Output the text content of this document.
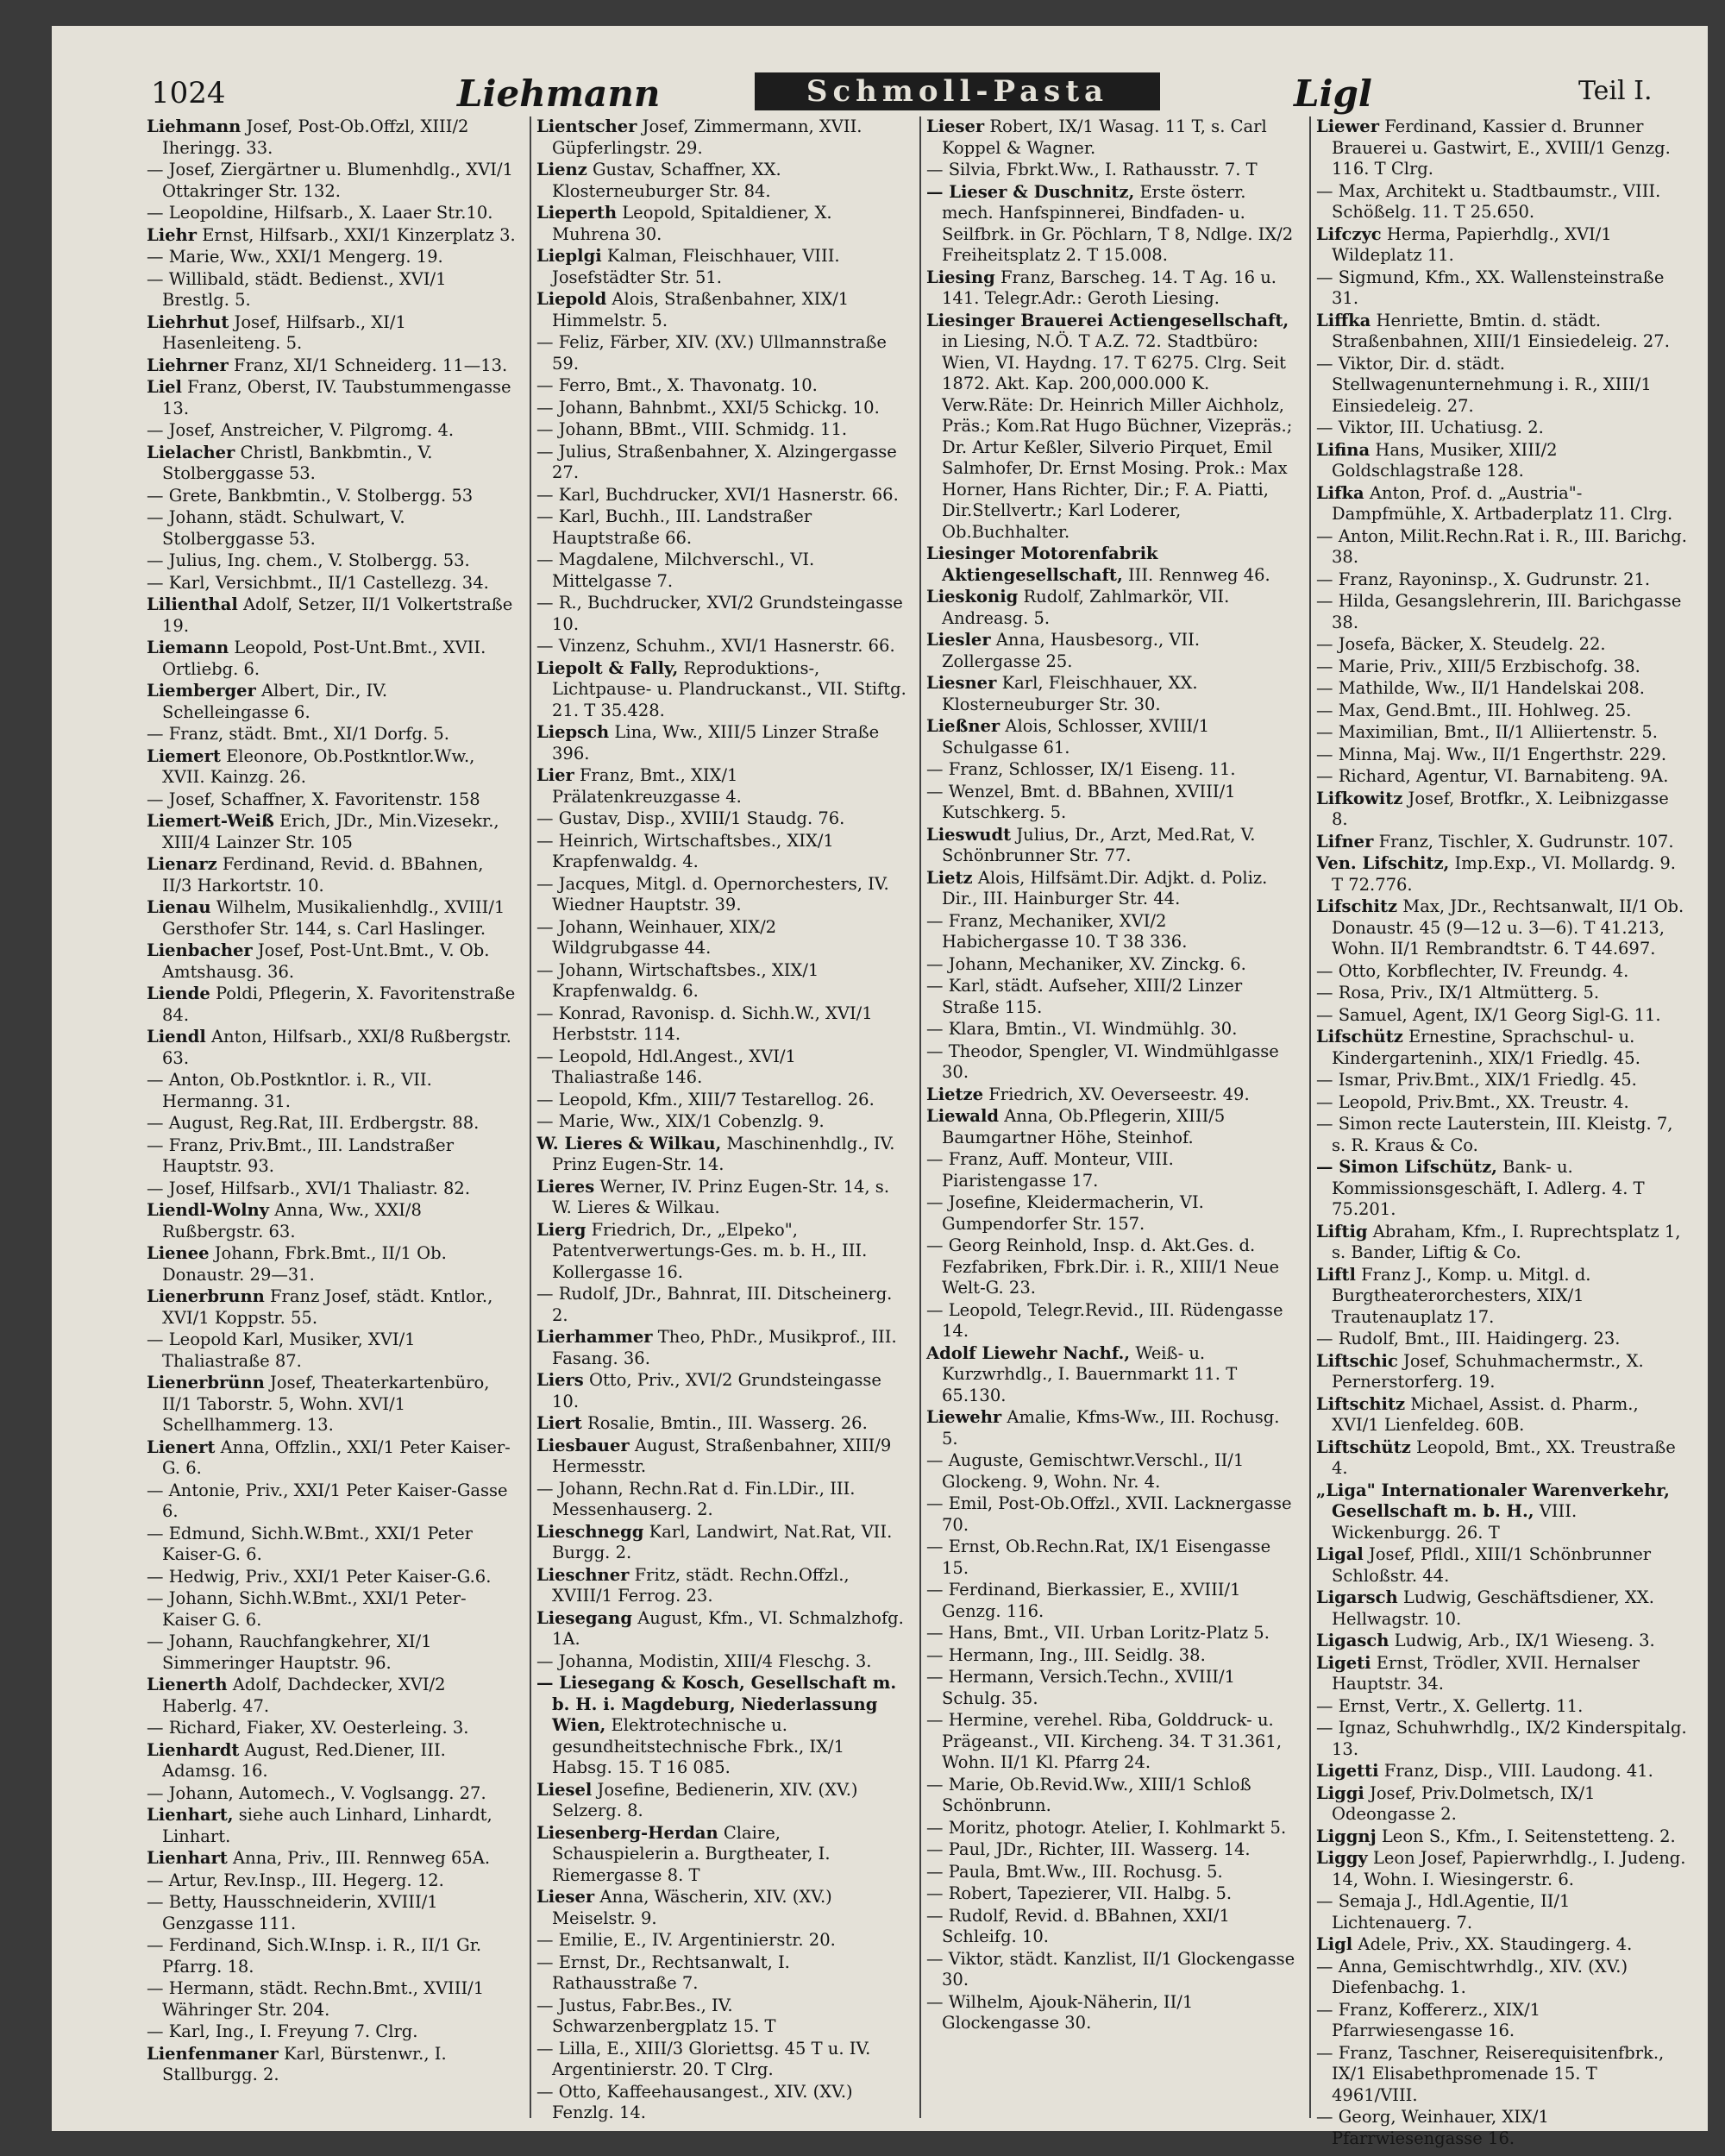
1024	Liehmann	Schmoll-Pasta	Ligl	Teil I.
Liehmann Josef, Post-Ob.Offzl, XIII/2 Iheringg. 33.
— Josef, Ziergärtner u. Blumenhdlg., XVI/1 Ottakringer Str. 132.
— Leopoldine, Hilfsarb., X. Laaer Str.10.
Liehr Ernst, Hilfsarb., XXI/1 Kinzerplatz 3.
— Marie, Ww., XXI/1 Mengerg. 19.
— Willibald, städt. Bedienst., XVI/1 Brestlg. 5.
Liehrhut Josef, Hilfsarb., XI/1 Hasenleiteng. 5.
Liehrner Franz, XI/1 Schneiderg. 11—13.
Liel Franz, Oberst, IV. Taubstummengasse 13.
— Josef, Anstreicher, V. Pilgromg. 4.
Lielacher Christl, Bankbmtin., V. Stolberggasse 53.
— Grete, Bankbmtin., V. Stolbergg. 53
— Johann, städt. Schulwart, V. Stolberggasse 53.
— Julius, Ing. chem., V. Stolbergg. 53.
— Karl, Versichbmt., II/1 Castellezg. 34.
Lilienthal Adolf, Setzer, II/1 Volkertstraße 19.
Liemann Leopold, Post-Unt.Bmt., XVII. Ortliebg. 6.
Liemberger Albert, Dir., IV. Schelleingasse 6.
— Franz, städt. Bmt., XI/1 Dorfg. 5.
Liemert Eleonore, Ob.Postkntlor.Ww., XVII. Kainzg. 26.
— Josef, Schaffner, X. Favoritenstr. 158
Liemert-Weiß Erich, JDr., Min.Vizesekr., XIII/4 Lainzer Str. 105
Lienarz Ferdinand, Revid. d. BBahnen, II/3 Harkortstr. 10.
Lienau Wilhelm, Musikalienhdlg., XVIII/1 Gersthofer Str. 144, s. Carl Haslinger.
Lienbacher Josef, Post-Unt.Bmt., V. Ob. Amtshausg. 36.
Liende Poldi, Pflegerin, X. Favoritenstraße 84.
Liendl Anton, Hilfsarb., XXI/8 Rußbergstr. 63.
— Anton, Ob.Postkntlor. i. R., VII. Hermanng. 31.
— August, Reg.Rat, III. Erdbergstr. 88.
— Franz, Priv.Bmt., III. Landstraßer Hauptstr. 93.
— Josef, Hilfsarb., XVI/1 Thaliastr. 82.
Liendl-Wolny Anna, Ww., XXI/8 Rußbergstr. 63.
Lienee Johann, Fbrk.Bmt., II/1 Ob. Donaustr. 29—31.
Lienerbrunn Franz Josef, städt. Kntlor., XVI/1 Koppstr. 55.
— Leopold Karl, Musiker, XVI/1 Thaliastraße 87.
Lienerbrünn Josef, Theaterkartenbüro, II/1 Taborstr. 5, Wohn. XVI/1 Schellhammerg. 13.
Lienert Anna, Offzlin., XXI/1 Peter Kaiser-G. 6.
— Antonie, Priv., XXI/1 Peter Kaiser-Gasse 6.
— Edmund, Sichh.W.Bmt., XXI/1 Peter Kaiser-G. 6.
— Hedwig, Priv., XXI/1 Peter Kaiser-G.6.
— Johann, Sichh.W.Bmt., XXI/1 Peter-Kaiser G. 6.
— Johann, Rauchfangkehrer, XI/1 Simmeringer Hauptstr. 96.
Lienerth Adolf, Dachdecker, XVI/2 Haberlg. 47.
— Richard, Fiaker, XV. Oesterleing. 3.
Lienhardt August, Red.Diener, III. Adamsg. 16.
— Johann, Automech., V. Voglsangg. 27.
Lienhart, siehe auch Linhard, Linhardt, Linhart.
Lienhart Anna, Priv., III. Rennweg 65A.
— Artur, Rev.Insp., III. Hegerg. 12.
— Betty, Hausschneiderin, XVIII/1 Genzgasse 111.
— Ferdinand, Sich.W.Insp. i. R., II/1 Gr. Pfarrg. 18.
— Hermann, städt. Rechn.Bmt., XVIII/1 Währinger Str. 204.
— Karl, Ing., I. Freyung 7. Clrg.
Lienfenmaner Karl, Bürstenwr., I. Stallburgg. 2.
Lientscher Josef, Zimmermann, XVII. Güpferlingstr. 29.
Lienz Gustav, Schaffner, XX. Klosterneuburger Str. 84.
Lieperth Leopold, Spitaldiener, X. Muhrena 30.
Lieplgi Kalman, Fleischhauer, VIII. Josefstädter Str. 51.
Liepold Alois, Straßenbahner, XIX/1 Himmelstr. 5.
— Feliz, Färber, XIV. (XV.) Ullmannstraße 59.
— Ferro, Bmt., X. Thavonatg. 10.
— Johann, Bahnbmt., XXI/5 Schickg. 10.
— Johann, BBmt., VIII. Schmidg. 11.
— Julius, Straßenbahner, X. Alzingergasse 27.
— Karl, Buchdrucker, XVI/1 Hasnerstr. 66.
— Karl, Buchh., III. Landstraßer Hauptstraße 66.
— Magdalene, Milchverschl., VI. Mittelgasse 7.
— R., Buchdrucker, XVI/2 Grundsteingasse 10.
— Vinzenz, Schuhm., XVI/1 Hasnerstr. 66.
Liepolt & Fally, Reproduktions-, Lichtpause- u. Plandruckanst., VII. Stiftg. 21. T 35.428.
Liepsch Lina, Ww., XIII/5 Linzer Straße 396.
Lier Franz, Bmt., XIX/1 Prälatenkreuzgasse 4.
— Gustav, Disp., XVIII/1 Staudg. 76.
— Heinrich, Wirtschaftsbes., XIX/1 Krapfenwaldg. 4.
— Jacques, Mitgl. d. Opernorchesters, IV. Wiedner Hauptstr. 39.
— Johann, Weinhauer, XIX/2 Wildgrubgasse 44.
— Johann, Wirtschaftsbes., XIX/1 Krapfenwaldg. 6.
— Konrad, Ravonisp. d. Sichh.W., XVI/1 Herbststr. 114.
— Leopold, Hdl.Angest., XVI/1 Thaliastraße 146.
— Leopold, Kfm., XIII/7 Testarellog. 26.
— Marie, Ww., XIX/1 Cobenzlg. 9.
W. Lieres & Wilkau, Maschinenhdlg., IV. Prinz Eugen-Str. 14.
Lieres Werner, IV. Prinz Eugen-Str. 14, s. W. Lieres & Wilkau.
Lierg Friedrich, Dr., „Elpeko", Patentverwertungs-Ges. m. b. H., III. Kollergasse 16.
— Rudolf, JDr., Bahnrat, III. Ditscheinerg. 2.
Lierhammer Theo, PhDr., Musikprof., III. Fasang. 36.
Liers Otto, Priv., XVI/2 Grundsteingasse 10.
Liert Rosalie, Bmtin., III. Wasserg. 26.
Liesbauer August, Straßenbahner, XIII/9 Hermesstr.
— Johann, Rechn.Rat d. Fin.LDir., III. Messenhauserg. 2.
Lieschnegg Karl, Landwirt, Nat.Rat, VII. Burgg. 2.
Lieschner Fritz, städt. Rechn.Offzl., XVIII/1 Ferrog. 23.
Liesegang August, Kfm., VI. Schmalzhofg. 1A.
— Johanna, Modistin, XIII/4 Fleschg. 3.
— Liesegang & Kosch, Gesellschaft m. b. H. i. Magdeburg, Niederlassung Wien, Elektrotechnische u. gesundheitstechnische Fbrk., IX/1 Habsg. 15. T 16 085.
Liesel Josefine, Bedienerin, XIV. (XV.) Selzerg. 8.
Liesenberg-Herdan Claire, Schauspielerin a. Burgtheater, I. Riemergasse 8. T
Lieser Anna, Wäscherin, XIV. (XV.) Meiselstr. 9.
— Emilie, E., IV. Argentinierstr. 20.
— Ernst, Dr., Rechtsanwalt, I. Rathausstraße 7.
— Justus, Fabr.Bes., IV. Schwarzenbergplatz 15. T
— Lilla, E., XIII/3 Gloriettsg. 45 T u. IV. Argentinierstr. 20. T Clrg.
— Otto, Kaffeehausangest., XIV. (XV.) Fenzlg. 14.
Lieser Robert, IX/1 Wasag. 11 T, s. Carl Koppel & Wagner.
— Silvia, Fbrkt.Ww., I. Rathausstr. 7. T
— Lieser & Duschnitz, Erste österr. mech. Hanfspinnerei, Bindfaden- u. Seilfbrk. in Gr. Pöchlarn, T 8, Ndlge. IX/2 Freiheitsplatz 2. T 15.008.
Liesing Franz, Barscheg. 14. T Ag. 16 u. 141. Telegr.Adr.: Geroth Liesing.
Liesinger Brauerei Actiengesellschaft, in Liesing, N.Ö. T A.Z. 72. Stadtbüro: Wien, VI. Haydng. 17. T 6275. Clrg. Seit 1872. Akt. Kap. 200,000.000 K. Verw.Räte: Dr. Heinrich Miller Aichholz, Präs.; Kom.Rat Hugo Büchner, Vizepräs.; Dr. Artur Keßler, Silverio Pirquet, Emil Salmhofer, Dr. Ernst Mosing. Prok.: Max Horner, Hans Richter, Dir.; F. A. Piatti, Dir.Stellvertr.; Karl Loderer, Ob.Buchhalter.
Liesinger Motorenfabrik Aktiengesellschaft, III. Rennweg 46.
Lieskonig Rudolf, Zahlmarkör, VII. Andreasg. 5.
Liesler Anna, Hausbesorg., VII. Zollergasse 25.
Liesner Karl, Fleischhauer, XX. Klosterneuburger Str. 30.
Ließner Alois, Schlosser, XVIII/1 Schulgasse 61.
— Franz, Schlosser, IX/1 Eiseng. 11.
— Wenzel, Bmt. d. BBahnen, XVIII/1 Kutschkerg. 5.
Lieswudt Julius, Dr., Arzt, Med.Rat, V. Schönbrunner Str. 77.
Lietz Alois, Hilfsämt.Dir. Adjkt. d. Poliz. Dir., III. Hainburger Str. 44.
— Franz, Mechaniker, XVI/2 Habichergasse 10. T 38 336.
— Johann, Mechaniker, XV. Zinckg. 6.
— Karl, städt. Aufseher, XIII/2 Linzer Straße 115.
— Klara, Bmtin., VI. Windmühlg. 30.
— Theodor, Spengler, VI. Windmühlgasse 30.
Lietze Friedrich, XV. Oeverseestr. 49.
Liewald Anna, Ob.Pflegerin, XIII/5 Baumgartner Höhe, Steinhof.
— Franz, Auff. Monteur, VIII. Piaristengasse 17.
— Josefine, Kleidermacherin, VI. Gumpendorfer Str. 157.
— Georg Reinhold, Insp. d. Akt.Ges. d. Fezfabriken, Fbrk.Dir. i. R., XIII/1 Neue Welt-G. 23.
— Leopold, Telegr.Revid., III. Rüdengasse 14.
Adolf Liewehr Nachf., Weiß- u. Kurzwrhdlg., I. Bauernmarkt 11. T 65.130.
Liewehr Amalie, Kfms-Ww., III. Rochusg. 5.
— Auguste, Gemischtwr.Verschl., II/1 Glockeng. 9, Wohn. Nr. 4.
— Emil, Post-Ob.Offzl., XVII. Lacknergasse 70.
— Ernst, Ob.Rechn.Rat, IX/1 Eisengasse 15.
— Ferdinand, Bierkassier, E., XVIII/1 Genzg. 116.
— Hans, Bmt., VII. Urban Loritz-Platz 5.
— Hermann, Ing., III. Seidlg. 38.
— Hermann, Versich.Techn., XVIII/1 Schulg. 35.
— Hermine, verehel. Riba, Golddruck- u. Prägeanst., VII. Kircheng. 34. T 31.361, Wohn. II/1 Kl. Pfarrg 24.
— Marie, Ob.Revid.Ww., XIII/1 Schloß Schönbrunn.
— Moritz, photogr. Atelier, I. Kohlmarkt 5.
— Paul, JDr., Richter, III. Wasserg. 14.
— Paula, Bmt.Ww., III. Rochusg. 5.
— Robert, Tapezierer, VII. Halbg. 5.
— Rudolf, Revid. d. BBahnen, XXI/1 Schleifg. 10.
— Viktor, städt. Kanzlist, II/1 Glockengasse 30.
— Wilhelm, Ajouk-Näherin, II/1 Glockengasse 30.
Liewer Ferdinand, Kassier d. Brunner Brauerei u. Gastwirt, E., XVIII/1 Genzg. 116. T Clrg.
— Max, Architekt u. Stadtbaumstr., VIII. Schößelg. 11. T 25.650.
Lifczyc Herma, Papierhdlg., XVI/1 Wildeplatz 11.
— Sigmund, Kfm., XX. Wallensteinstraße 31.
Liffka Henriette, Bmtin. d. städt. Straßenbahnen, XIII/1 Einsiedeleig. 27.
— Viktor, Dir. d. städt. Stellwagenunternehmung i. R., XIII/1 Einsiedeleig. 27.
— Viktor, III. Uchatiusg. 2.
Lifina Hans, Musiker, XIII/2 Goldschlagstraße 128.
Lifka Anton, Prof. d. „Austria"-Dampfmühle, X. Artbaderplatz 11. Clrg.
— Anton, Milit.Rechn.Rat i. R., III. Barichg. 38.
— Franz, Rayoninsp., X. Gudrunstr. 21.
— Hilda, Gesangslehrerin, III. Barichgasse 38.
— Josefa, Bäcker, X. Steudelg. 22.
— Marie, Priv., XIII/5 Erzbischofg. 38.
— Mathilde, Ww., II/1 Handelskai 208.
— Max, Gend.Bmt., III. Hohlweg. 25.
— Maximilian, Bmt., II/1 Alliiertenstr. 5.
— Minna, Maj. Ww., II/1 Engerthstr. 229.
— Richard, Agentur, VI. Barnabiteng. 9A.
Lifkowitz Josef, Brotfkr., X. Leibnizgasse 8.
Lifner Franz, Tischler, X. Gudrunstr. 107.
Ven. Lifschitz, Imp.Exp., VI. Mollardg. 9. T 72.776.
Lifschitz Max, JDr., Rechtsanwalt, II/1 Ob. Donaustr. 45 (9—12 u. 3—6). T 41.213, Wohn. II/1 Rembrandtstr. 6. T 44.697.
— Otto, Korbflechter, IV. Freundg. 4.
— Rosa, Priv., IX/1 Altmütterg. 5.
— Samuel, Agent, IX/1 Georg Sigl-G. 11.
Lifschütz Ernestine, Sprachschul- u. Kindergarteninh., XIX/1 Friedlg. 45.
— Ismar, Priv.Bmt., XIX/1 Friedlg. 45.
— Leopold, Priv.Bmt., XX. Treustr. 4.
— Simon recte Lauterstein, III. Kleistg. 7, s. R. Kraus & Co.
— Simon Lifschütz, Bank- u. Kommissionsgeschäft, I. Adlerg. 4. T 75.201.
Liftig Abraham, Kfm., I. Ruprechtsplatz 1, s. Bander, Liftig & Co.
Liftl Franz J., Komp. u. Mitgl. d. Burgtheaterorchesters, XIX/1 Trautenauplatz 17.
— Rudolf, Bmt., III. Haidingerg. 23.
Liftschic Josef, Schuhmachermstr., X. Pernerstorferg. 19.
Liftschitz Michael, Assist. d. Pharm., XVI/1 Lienfeldeg. 60B.
Liftschütz Leopold, Bmt., XX. Treustraße 4.
„Liga" Internationaler Warenverkehr, Gesellschaft m. b. H., VIII. Wickenburgg. 26. T
Ligal Josef, Pfldl., XIII/1 Schönbrunner Schloßstr. 44.
Ligarsch Ludwig, Geschäftsdiener, XX. Hellwagstr. 10.
Ligasch Ludwig, Arb., IX/1 Wieseng. 3.
Ligeti Ernst, Trödler, XVII. Hernalser Hauptstr. 34.
— Ernst, Vertr., X. Gellertg. 11.
— Ignaz, Schuhwrhdlg., IX/2 Kinderspitalg. 13.
Ligetti Franz, Disp., VIII. Laudong. 41.
Liggi Josef, Priv.Dolmetsch, IX/1 Odeongasse 2.
Liggnj Leon S., Kfm., I. Seitenstetteng. 2.
Liggy Leon Josef, Papierwrhdlg., I. Judeng. 14, Wohn. I. Wiesingerstr. 6.
— Semaja J., Hdl.Agentie, II/1 Lichtenauerg. 7.
Ligl Adele, Priv., XX. Staudingerg. 4.
— Anna, Gemischtwrhdlg., XIV. (XV.) Diefenbachg. 1.
— Franz, Koffererz., XIX/1 Pfarrwiesengasse 16.
— Franz, Taschner, Reiserequisitenfbrk., IX/1 Elisabethpromenade 15. T 4961/VIII.
— Georg, Weinhauer, XIX/1 Pfarrwiesengasse 16.
